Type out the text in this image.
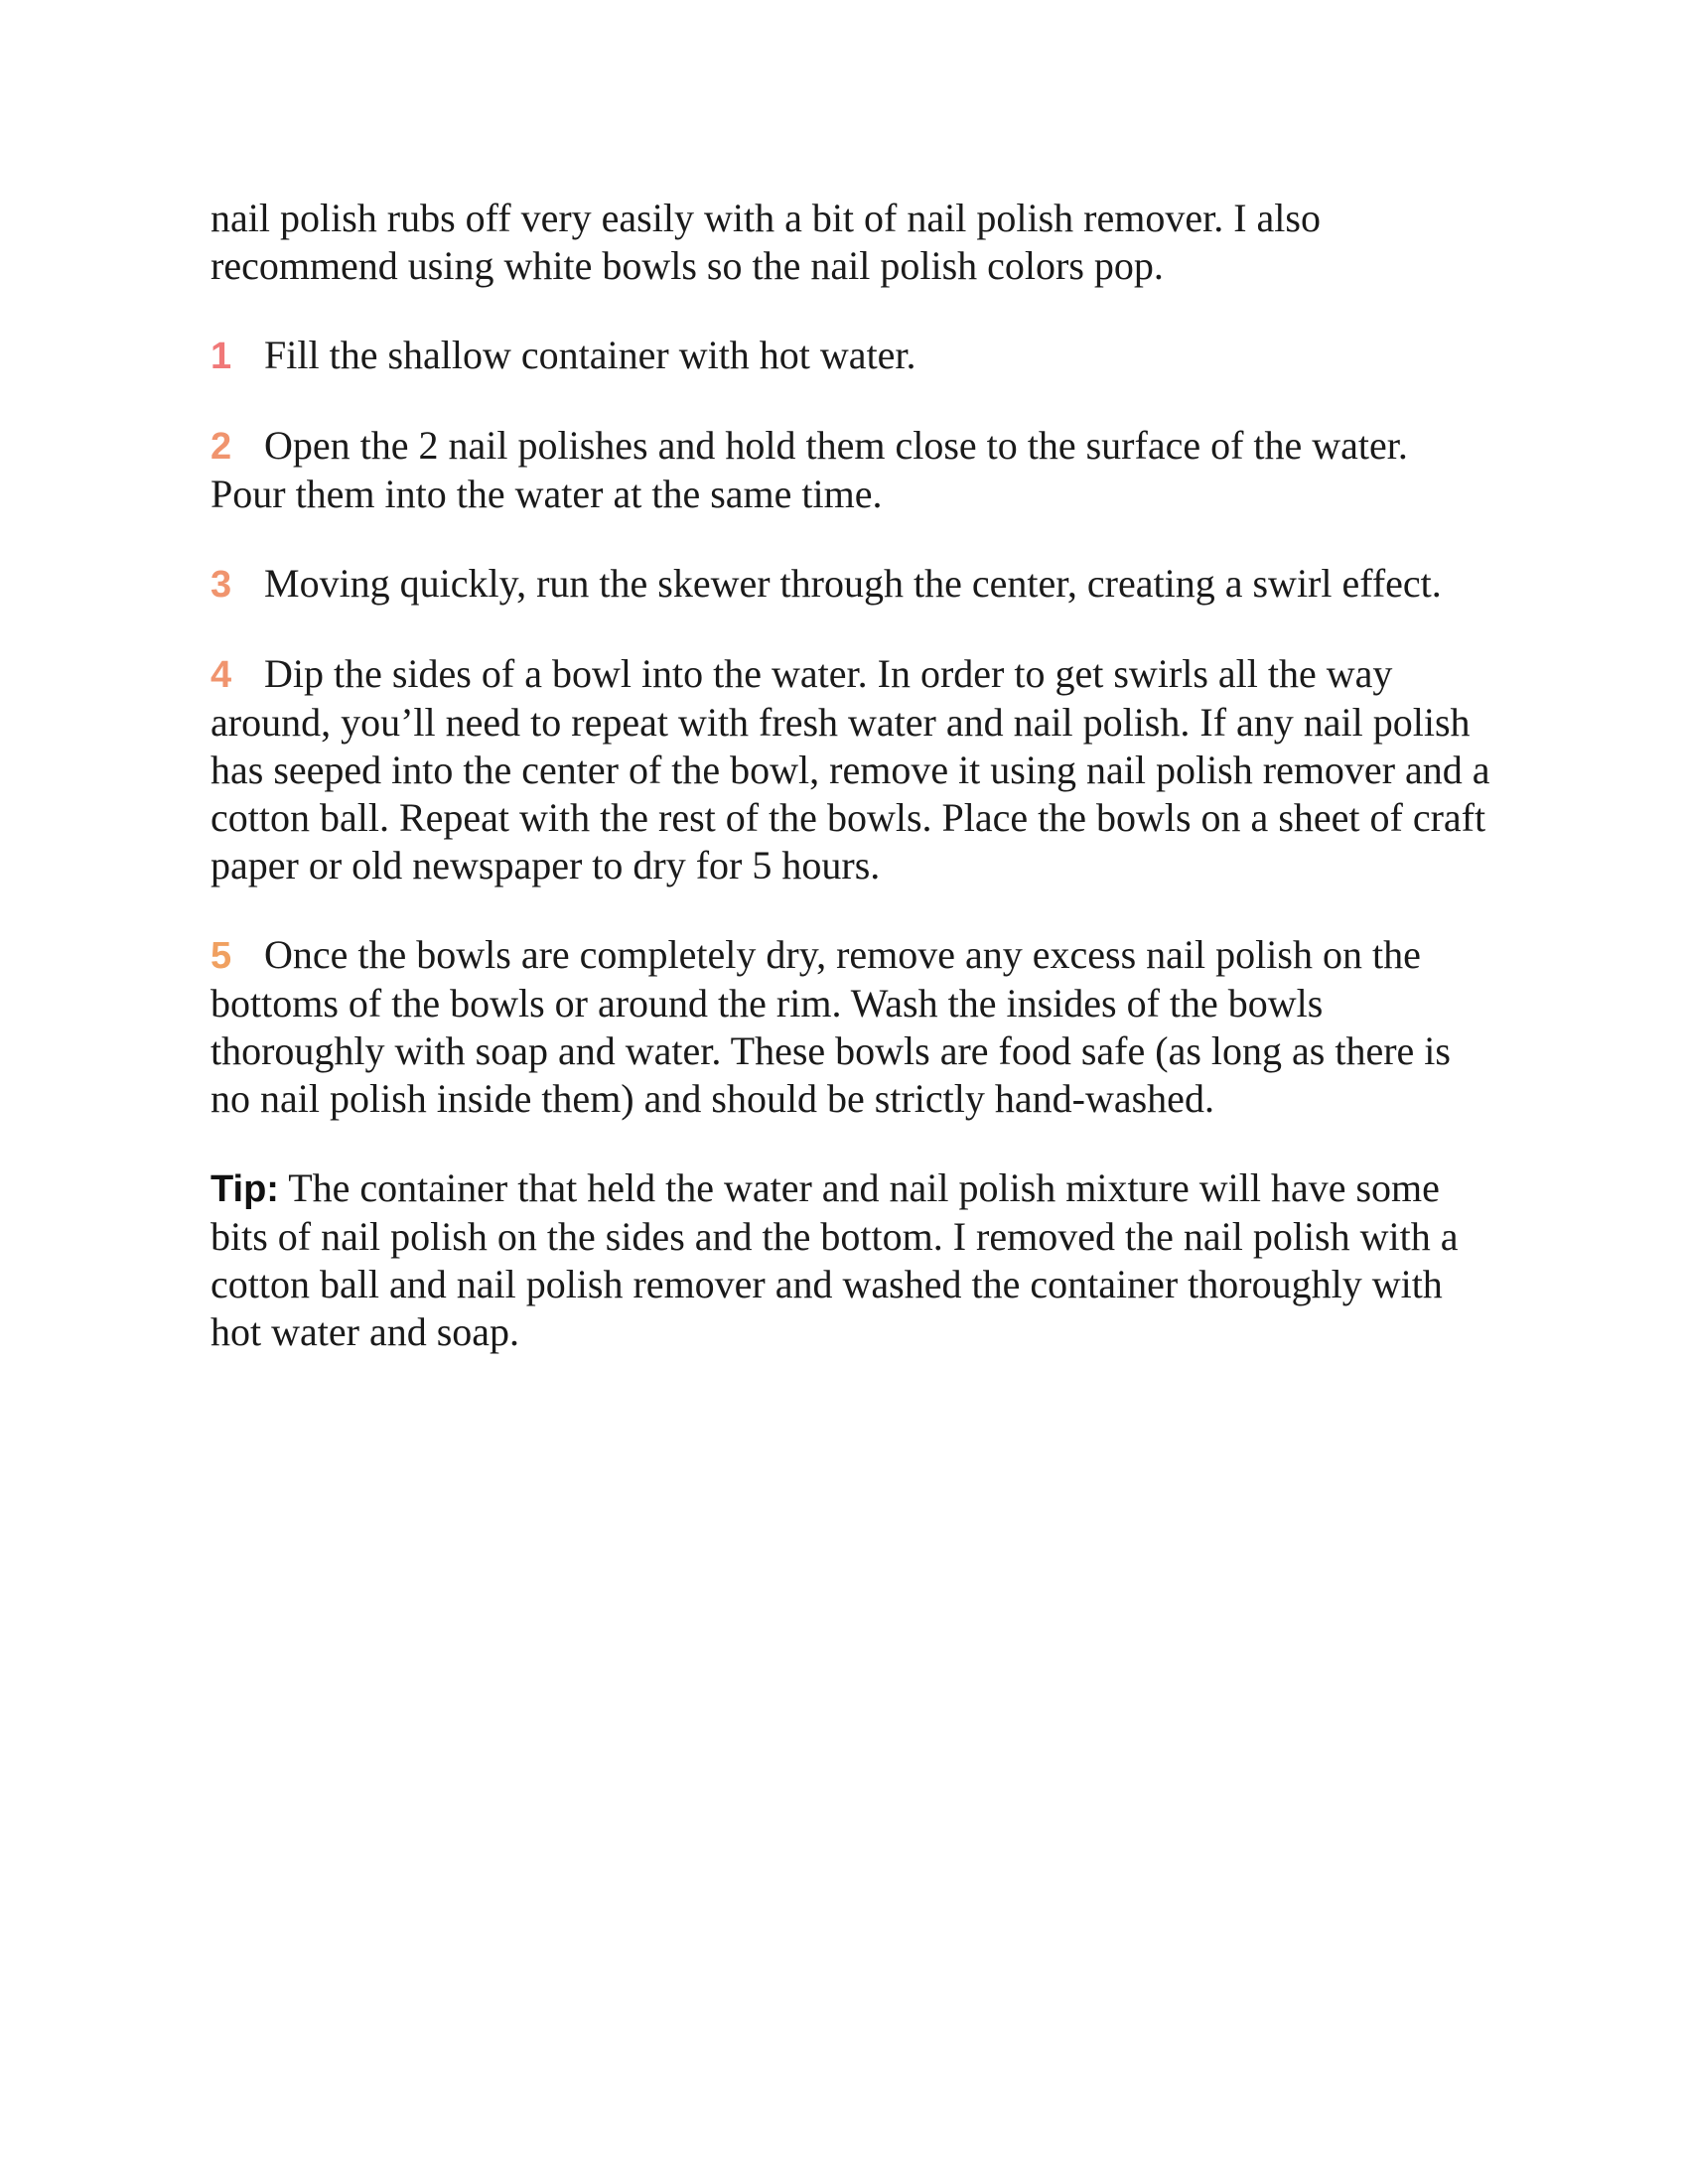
nail polish rubs off very easily with a bit of nail polish remover. I also recommend using white bowls so the nail polish colors pop.

1 Fill the shallow container with hot water.

2 Open the 2 nail polishes and hold them close to the surface of the water. Pour them into the water at the same time.

3 Moving quickly, run the skewer through the center, creating a swirl effect.

4 Dip the sides of a bowl into the water. In order to get swirls all the way around, you’ll need to repeat with fresh water and nail polish. If any nail polish has seeped into the center of the bowl, remove it using nail polish remover and a cotton ball. Repeat with the rest of the bowls. Place the bowls on a sheet of craft paper or old newspaper to dry for 5 hours.

5 Once the bowls are completely dry, remove any excess nail polish on the bottoms of the bowls or around the rim. Wash the insides of the bowls thoroughly with soap and water. These bowls are food safe (as long as there is no nail polish inside them) and should be strictly hand-washed.

Tip: The container that held the water and nail polish mixture will have some bits of nail polish on the sides and the bottom. I removed the nail polish with a cotton ball and nail polish remover and washed the container thoroughly with hot water and soap.
